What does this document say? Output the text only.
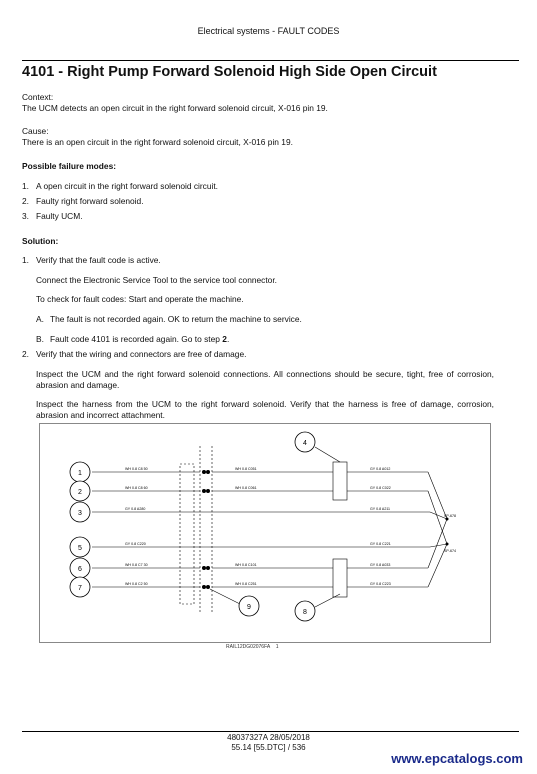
Electrical systems - FAULT CODES
4101 - Right Pump Forward Solenoid High Side Open Circuit
Context:
The UCM detects an open circuit in the right forward solenoid circuit, X-016 pin 19.
Cause:
There is an open circuit in the right forward solenoid circuit, X-016 pin 19.
Possible failure modes:
1. A open circuit in the right forward solenoid circuit.
2. Faulty right forward solenoid.
3. Faulty UCM.
Solution:
1. Verify that the fault code is active.
Connect the Electronic Service Tool to the service tool connector.
To check for fault codes: Start and operate the machine.
A. The fault is not recorded again. OK to return the machine to service.
B. Fault code 4101 is recorded again. Go to step 2.
2. Verify that the wiring and connectors are free of damage.
Inspect the UCM and the right forward solenoid connections. All connections should be secure, tight, free of corrosion, abrasion and damage.
Inspect the harness from the UCM to the right forward solenoid. Verify that the harness is free of damage, corrosion, abrasion and incorrect attachment.
1
2
3
4
5
6
7
8
9
WH 0.8 C8 50
WH 0.8 C8 60
GY 0.8 A280
GY 0.8 C220
WH 0.8 C7 30
WH 0.8 C2 50
WH 0.8 C051
WH 0.8 C061
WH 0.8 C101
WH 0.8 C251
GY 0.8 A012
GY 0.8 C022
GY 0.8 A211
GY 0.8 C221
GY 0.8 A033
GY 0.8 C223
SP-678
SP-674
RAIL12DG02076FA 1
48037327A 28/05/2018
55.14 [55.DTC] / 536
www.epcatalogs.com
